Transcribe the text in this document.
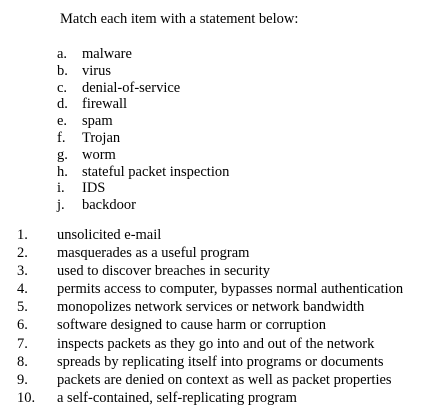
Match each item with a statement below:
a.	malware
b. virus
c.	denial-of-service
d. firewall
e.	spam
f.	Trojan
g. worm
h. stateful packet inspection
i.	IDS
j.	backdoor
1.	unsolicited e-mail
2.	masquerades as a useful program
3.	used to discover breaches in security
4.	permits access to computer, bypasses normal authentication
5.	monopolizes network services or network bandwidth
6.	software designed to cause harm or corruption
7.	inspects packets as they go into and out of the network
8.	spreads by replicating itself into programs or documents
9.	packets are denied on context as well as packet properties
10.	a self-contained, self-replicating program
